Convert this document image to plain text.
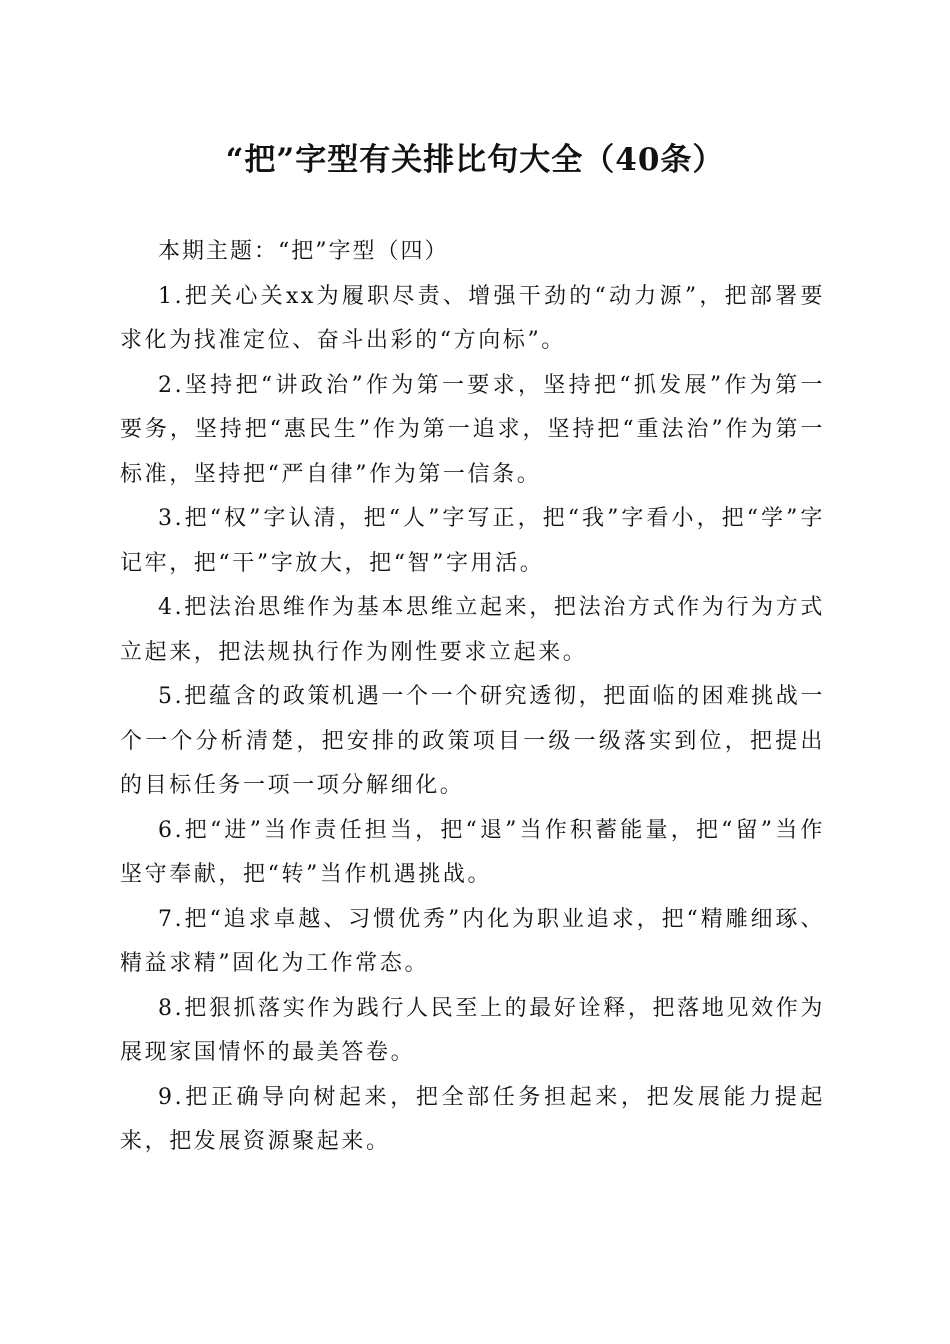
“把”字型有关排比句大全（40条）

本期主题：“把”字型（四）

1.把关心关xx为履职尽责、增强干劲的“动力源”，把部署要求化为找准定位、奋斗出彩的“方向标”。

2.坚持把“讲政治”作为第一要求，坚持把“抓发展”作为第一要务，坚持把“惠民生”作为第一追求，坚持把“重法治”作为第一标准，坚持把“严自律”作为第一信条。

3.把“权”字认清，把“人”字写正，把“我”字看小，把“学”字记牢，把“干”字放大，把“智”字用活。

4.把法治思维作为基本思维立起来，把法治方式作为行为方式立起来，把法规执行作为刚性要求立起来。

5.把蕴含的政策机遇一个一个研究透彻，把面临的困难挑战一个一个分析清楚，把安排的政策项目一级一级落实到位，把提出的目标任务一项一项分解细化。

6.把“进”当作责任担当，把“退”当作积蓄能量，把“留”当作坚守奉献，把“转”当作机遇挑战。

7.把“追求卓越、习惯优秀”内化为职业追求，把“精雕细琢、精益求精”固化为工作常态。

8.把狠抓落实作为践行人民至上的最好诠释，把落地见效作为展现家国情怀的最美答卷。

9.把正确导向树起来，把全部任务担起来，把发展能力提起来，把发展资源聚起来。
